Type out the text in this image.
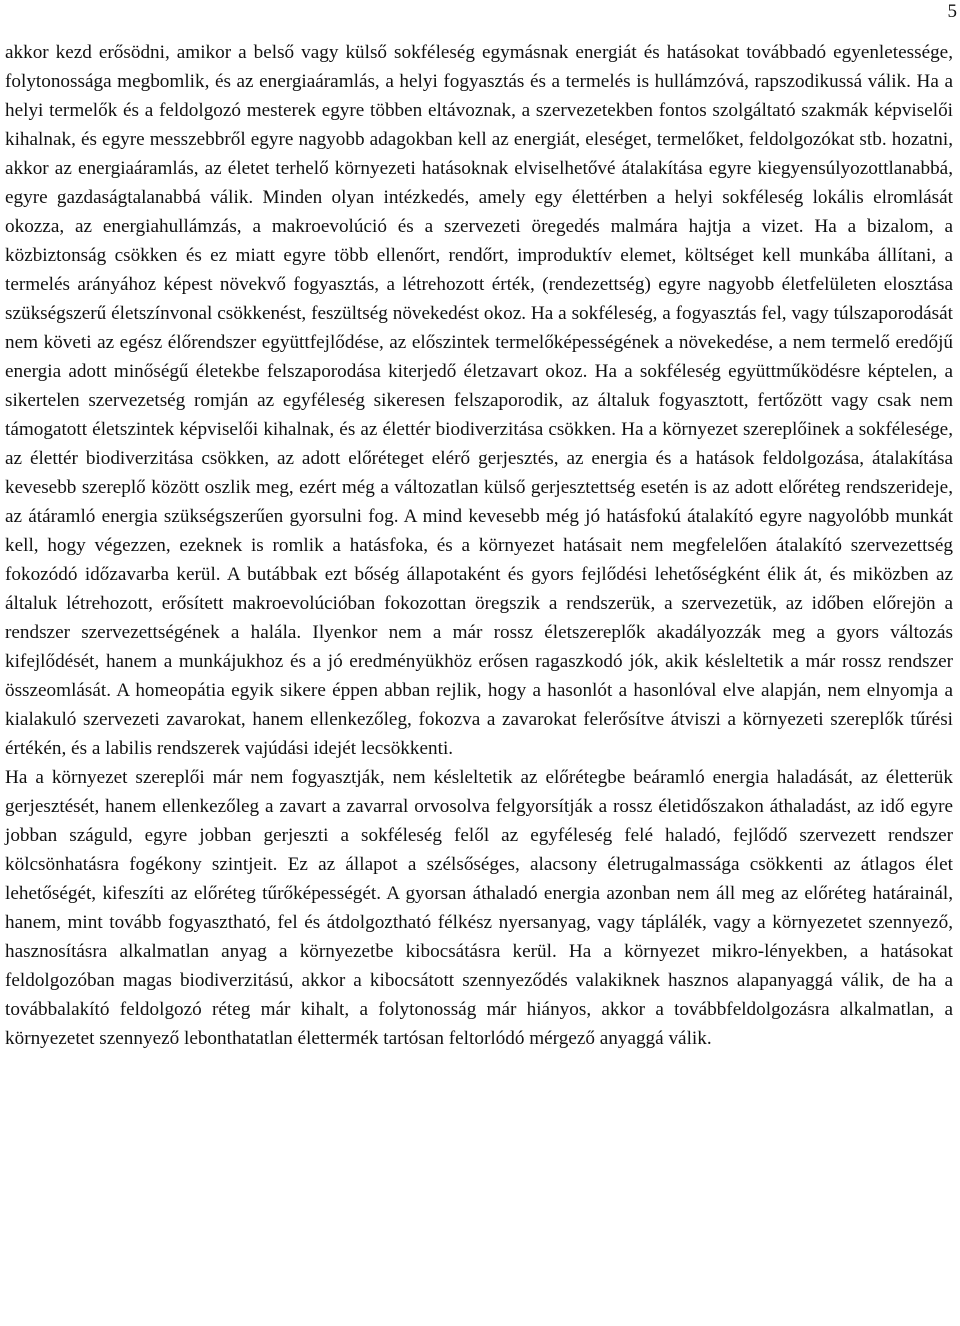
5

akkor kezd erősödni, amikor a belső vagy külső sokféleség egymásnak energiát és hatásokat továbbadó egyenletessége, folytonossága megbomlik, és az energiaáramlás, a helyi fogyasztás és a termelés is hullámzóvá, rapszodikussá válik. Ha a helyi termelők és a feldolgozó mesterek egyre többen eltávoznak, a szervezetekben fontos szolgáltató szakmák képviselői kihalnak, és egyre messzebbről egyre nagyobb adagokban kell az energiát, eleséget, termelőket, feldolgozókat stb. hozatni, akkor az energiaáramlás, az életet terhelő környezeti hatásoknak elviselhetővé átalakítása egyre kiegyensúlyozottlanabbá, egyre gazdaságtalanabbá válik. Minden olyan intézkedés, amely egy élettérben a helyi sokféleség lokális elromlását okozza, az energiahullámzás, a makroevolúció és a szervezeti öregedés malmára hajtja a vizet. Ha a bizalom, a közbiztonság csökken és ez miatt egyre több ellenőrt, rendőrt, improduktív elemet, költséget kell munkába állítani, a termelés arányához képest növekvő fogyasztás, a létrehozott érték, (rendezettség) egyre nagyobb életfelületen elosztása szükségszerű életszínvonal csökkenést, feszültség növekedést okoz. Ha a sokféleség, a fogyasztás fel, vagy túlszaporodását nem követi az egész élőrendszer együttfejlődése, az előszintek termelőképességének a növekedése, a nem termelő eredőjű energia adott minőségű életekbe felszaporodása kiterjedő életzavart okoz. Ha a sokféleség együttműködésre képtelen, a sikertelen szervezetség romján az egyféleség sikeresen felszaporodik, az általuk fogyasztott, fertőzött vagy csak nem támogatott életszintek képviselői kihalnak, és az élettér biodiverzitása csökken. Ha a környezet szereplőinek a sokfélesége, az élettér biodiverzitása csökken, az adott előréteget elérő gerjesztés, az energia és a hatások feldolgozása, átalakítása kevesebb szereplő között oszlik meg, ezért még a változatlan külső gerjesztettség esetén is az adott előréteg rendszerideje, az átáramló energia szükségszerűen gyorsulni fog. A mind kevesebb még jó hatásfokú átalakító egyre nagyolóbb munkát kell, hogy végezzen, ezeknek is romlik a hatásfoka, és a környezet hatásait nem megfelelően átalakító szervezettség fokozódó időzavarba kerül. A butábbak ezt bőség állapotaként és gyors fejlődési lehetőségként élik át, és miközben az általuk létrehozott, erősített makroevolúcióban fokozottan öregszik a rendszerük, a szervezetük, az időben előrejön a rendszer szervezettségének a halála. Ilyenkor nem a már rossz életszereplők akadályozzák meg a gyors változás kifejlődését, hanem a munkájukhoz és a jó eredményükhöz erősen ragaszkodó jók, akik késleltetik a már rossz rendszer összeomlását. A homeopátia egyik sikere éppen abban rejlik, hogy a hasonlót a hasonlóval elve alapján, nem elnyomja a kialakuló szervezeti zavarokat, hanem ellenkezőleg, fokozva a zavarokat felerősítve átviszi a környezeti szereplők tűrési értékén, és a labilis rendszerek vajúdási idejét lecsökkenti.

Ha a környezet szereplői már nem fogyasztják, nem késleltetik az előrétegbe beáramló energia haladását, az életterük gerjesztését, hanem ellenkezőleg a zavart a zavarral orvosolva felgyorsítják a rossz életidőszakon áthaladást, az idő egyre jobban száguld, egyre jobban gerjeszti a sokféleség felől az egyféleség felé haladó, fejlődő szervezett rendszer kölcsönhatásra fogékony szintjeit. Ez az állapot a szélsőséges, alacsony életrugalmassága csökkenti az átlagos élet lehetőségét, kifeszíti az előréteg tűrőképességét. A gyorsan áthaladó energia azonban nem áll meg az előréteg határainál, hanem, mint tovább fogyasztható, fel és átdolgoztható félkész nyersanyag, vagy táplálék, vagy a környezetet szennyező, hasznosításra alkalmatlan anyag a környezetbe kibocsátásra kerül. Ha a környezet mikro-lényekben, a hatásokat feldolgozóban magas biodiverzitású, akkor a kibocsátott szennyeződés valakiknek hasznos alapanyaggá válik, de ha a továbbalakító feldolgozó réteg már kihalt, a folytonosság már hiányos, akkor a továbbfeldolgozásra alkalmatlan, a környezetet szennyező lebonthatatlan élettermék tartósan feltorlódó mérgező anyaggá válik.
